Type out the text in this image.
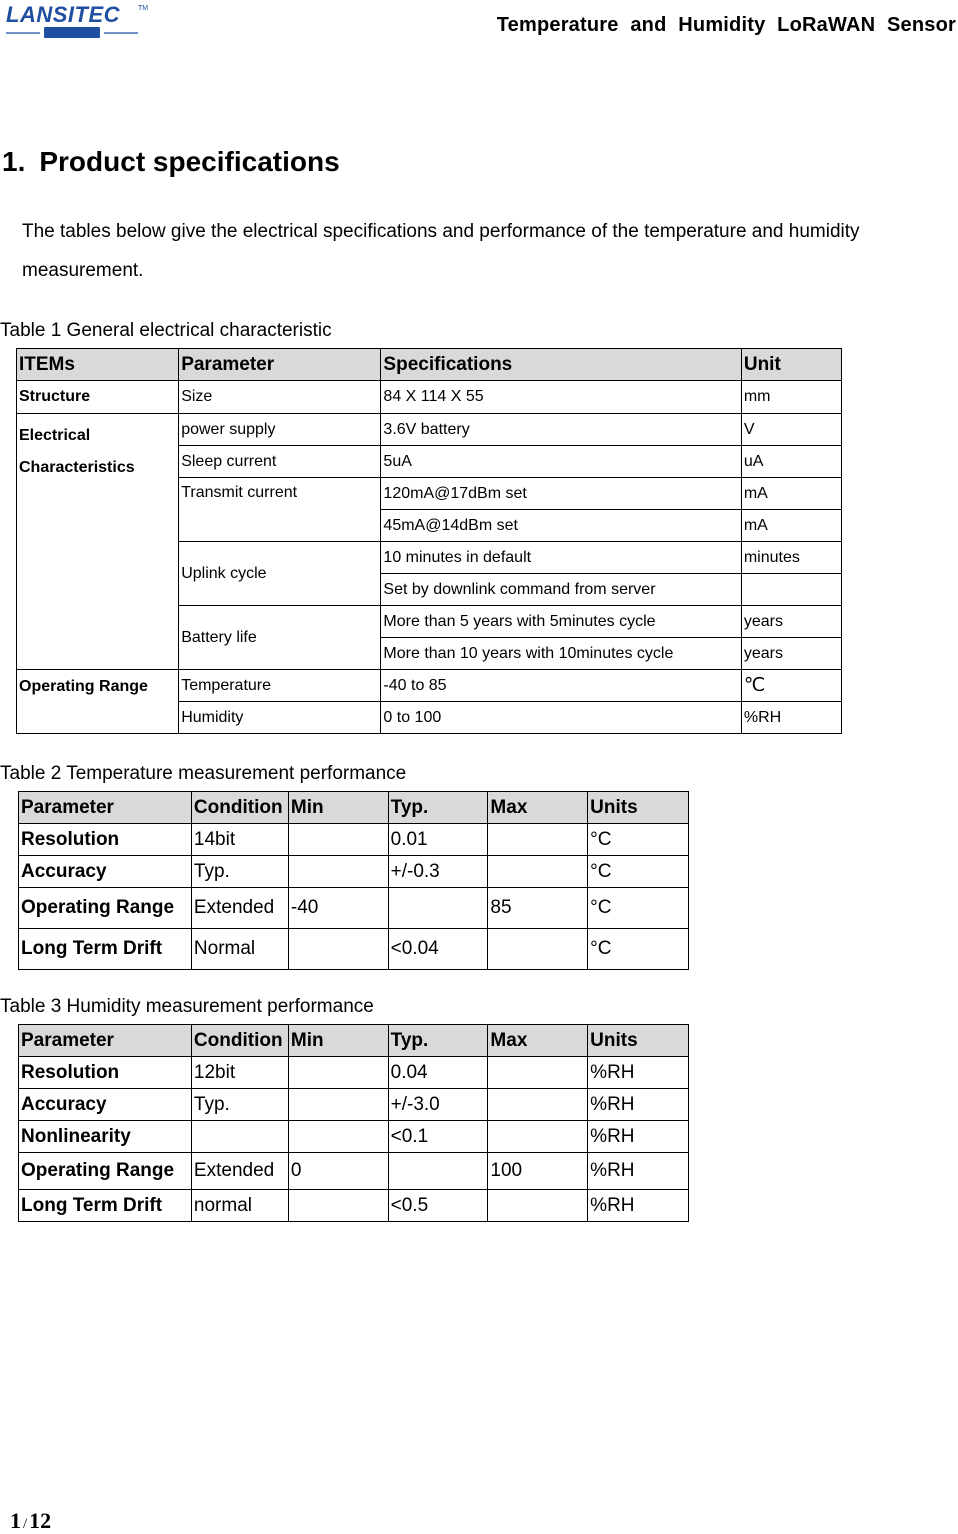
LANSITEC	TM
Temperature and Humidity LoRaWAN Sensor
1. Product specifications
The tables below give the electrical specifications and performance of the temperature and humidity measurement.
Table 1 General electrical characteristic
ITEMs	Parameter	Specifications	Unit
Structure	Size	84 X 114 X 55	mm
Electrical Characteristics	power supply	3.6V battery	V
	Sleep current	5uA	uA
	Transmit current	120mA@17dBm set	mA
		45mA@14dBm set	mA
	Uplink cycle	10 minutes in default	minutes
		Set by downlink command from server	
	Battery life	More than 5 years with 5minutes cycle	years
		More than 10 years with 10minutes cycle	years
Operating Range	Temperature	-40 to 85	℃
	Humidity	0 to 100	%RH
Table 2 Temperature measurement performance
Parameter	Condition	Min	Typ.	Max	Units
Resolution	14bit		0.01		°C
Accuracy	Typ.		+/-0.3		°C
Operating Range	Extended	-40		85	°C
Long Term Drift	Normal		<0.04		°C
Table 3 Humidity measurement performance
Parameter	Condition	Min	Typ.	Max	Units
Resolution	12bit		0.04		%RH
Accuracy	Typ.		+/-3.0		%RH
Nonlinearity			<0.1		%RH
Operating Range	Extended	0		100	%RH
Long Term Drift	normal		<0.5		%RH
1 /12
